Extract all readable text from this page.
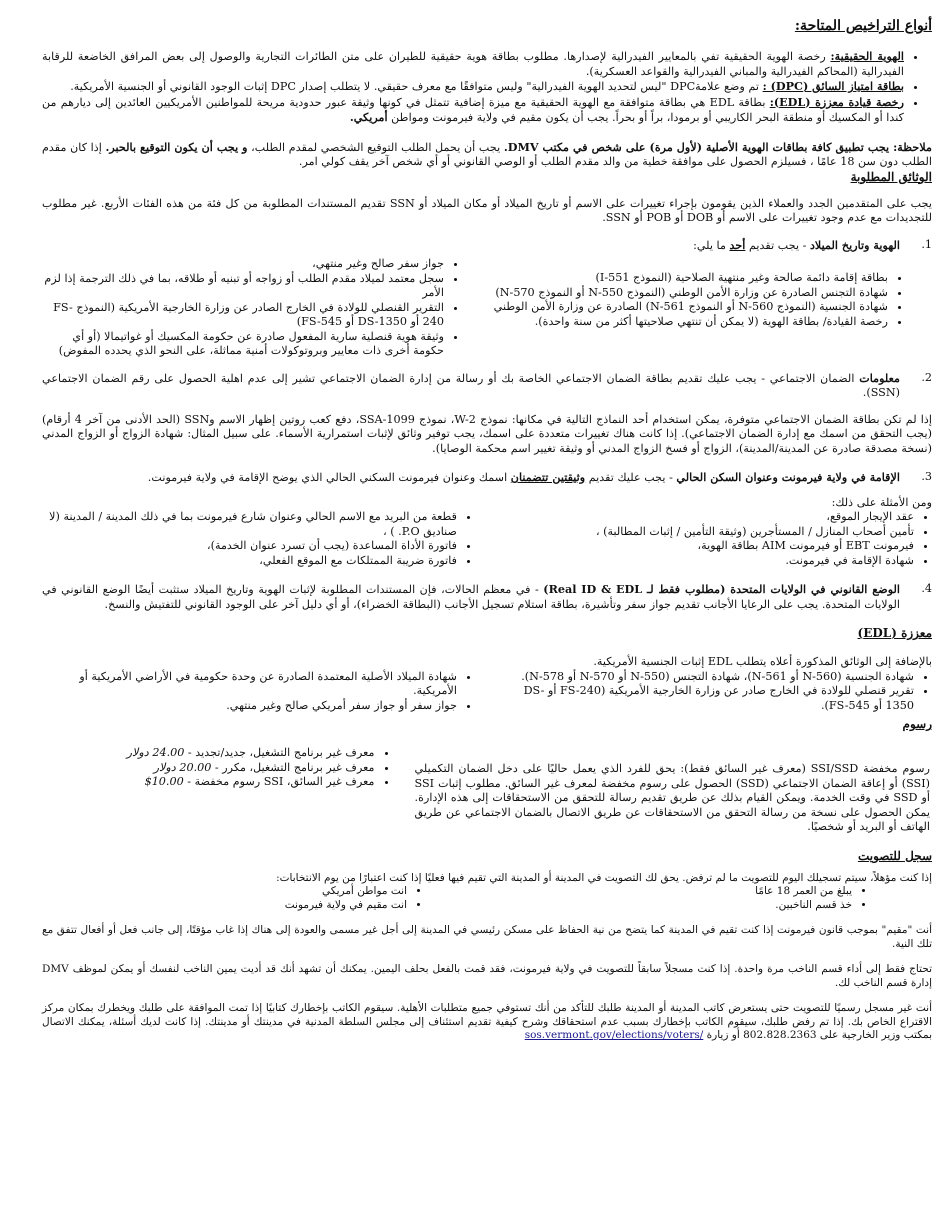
أنواع التراخيص المتاحة:
• الهوية الحقيقية: رخصة الهوية الحقيقية تفي بالمعايير الفيدرالية لإصدارها. مطلوب بطاقة هوية حقيقية للطيران على متن الطائرات التجارية والوصول إلى بعض المرافق الخاضعة للرقابة الفيدرالية (المحاكم الفيدرالية والمباني الفيدرالية والقواعد العسكرية).
• بطاقة امتياز السائق (DPC) : تم وضع علامةDPC "ليس لتحديد الهوية الفيدرالية" وليس متوافقًا مع معرف حقيقي. لا يتطلب إصدار DPC إثبات الوجود القانوني أو الجنسية الأمريكية.
• رخصة قيادة معززة (EDL): بطاقة EDL هي بطاقة متوافقة مع الهوية الحقيقية مع ميزة إضافية تتمثل في كونها وثيقة عبور حدودية مريحة للمواطنين الأمريكيين العائدين إلى ديارهم من كندا أو المكسيك أو منطقة البحر الكاريبي أو برمودا، براً أو بحراً. يجب أن يكون مقيم في ولاية فيرمونت ومواطن أمريكي.

ملاحظة: يجب تطبيق كافة بطاقات الهوية الأصلية (لأول مرة) على شخص في مكتب DMV. يجب أن يحمل الطلب التوقيع الشخصي لمقدم الطلب، و يجب أن يكون التوقيع بالحبر. إذا كان مقدم الطلب دون سن 18 عامًا ، فسيلزم الحصول على موافقة خطية من والد مقدم الطلب أو الوصي القانوني أو أي شخص آخر يقف كولي امر.

الوثائق المطلوبة

يجب على المتقدمين الجدد والعملاء الذين يقومون بإجراء تغييرات على الاسم أو تاريخ الميلاد أو مكان الميلاد أو SSN تقديم المستندات المطلوبة من كل فئة من هذه الفئات الأربع. غير مطلوب للتجديدات مع عدم وجود تغييرات على الاسم أو DOB أو POB أو SSN.

1.
الهوية وتاريخ الميلاد - يجب تقديم أحد ما يلي:
• بطاقة إقامة دائمة صالحة وغير منتهية الصلاحية (النموذج I-551)
• شهادة التجنس الصادرة عن وزارة الأمن الوطني (النموذج N-550 أو النموذج N-570)
• شهادة الجنسية (النموذج N-560 أو النموذج N-561) الصادرة عن وزارة الأمن الوطني
• رخصة القيادة/ بطاقة الهوية (لا يمكن أن تنتهي صلاحيتها أكثر من سنة واحدة).
• جواز سفر صالح وغير منتهي،
• سجل معتمد لميلاد مقدم الطلب أو زواجه أو تبنيه أو طلاقه، بما في ذلك الترجمة إذا لزم الأمر
• التقرير القنصلي للولادة في الخارج الصادر عن وزارة الخارجية الأمريكية (النموذج FS-240 أو DS-1350 أو FS-545)
• وثيقة هوية قنصلية سارية المفعول صادرة عن حكومة المكسيك أو غواتيمالا (أو أي حكومة أخرى ذات معايير وبروتوكولات أمنية مماثلة، على النحو الذي يحدده المفوض)
2.
معلومات الضمان الاجتماعي - يجب عليك تقديم بطاقة الضمان الاجتماعي الخاصة بك أو رسالة من إدارة الضمان الاجتماعي تشير إلى عدم اهلية الحصول على رقم الضمان الاجتماعي (SSN).

إذا لم تكن بطاقة الضمان الاجتماعي متوفرة، يمكن استخدام أحد النماذج التالية في مكانها: نموذج W-2، نموذج SSA-1099، دفع كعب روتين إظهار الاسم وSSN (الحد الأدنى من آخر 4 أرقام) (يجب التحقق من اسمك مع إدارة الضمان الاجتماعي). إذا كانت هناك تغييرات متعددة على اسمك، يجب توفير وثائق لإثبات استمرارية الأسماء. على سبيل المثال: شهادة الزواج أو الزواج المدني (نسخة مصدقة صادرة عن المدينة/المدينة)، الزواج أو فسخ الزواج المدني أو وثيقة تغيير اسم محكمة الوصايا).

3.
الإقامة في ولاية فيرمونت وعنوان السكن الحالي - يجب عليك تقديم وثيقتين تتضمنان اسمك وعنوان فيرمونت السكني الحالي الذي يوضح الإقامة في ولاية فيرمونت.

ومن الأمثلة على ذلك:

• عقد الإيجار الموقع،
• تأمين أصحاب المنازل / المستأجرين (وثيقة التأمين / إثبات المطالبة) ،
• فيرمونت EBT أو فيرمونت AIM بطاقة الهوية،
• شهادة الإقامة في فيرمونت.
• قطعة من البريد مع الاسم الحالي وعنوان شارع فيرمونت بما في ذلك المدينة / المدينة (لا صناديق P.O. ) ،
• فاتورة الأداة المساعدة (يجب أن تسرد عنوان الخدمة)،
• فاتورة ضريبة الممتلكات مع الموقع الفعلي،
4.
الوضع القانوني في الولايات المتحدة (مطلوب فقط لـ Real ID & EDL) - في معظم الحالات، فإن المستندات المطلوبة لإثبات الهوية وتاريخ الميلاد ستثبت أيضًا الوضع القانوني في الولايات المتحدة. يجب على الرعايا الأجانب تقديم جواز سفر وتأشيرة، بطاقة استلام تسجيل الأجانب (البطاقة الخضراء)، أو أي دليل آخر على الوجود القانوني للتفتيش والنسخ.
معززة (EDL)

بالإضافة إلى الوثائق المذكورة أعلاه يتطلب EDL إثبات الجنسية الأمريكية.

• شهادة الجنسية (N-560 أو N-561)، شهادة التجنس (N-550 أو N-570 أو N-578).
• تقرير قنصلي للولادة في الخارج صادر عن وزارة الخارجية الأمريكية (FS-240 أو DS-1350 أو FS-545).
• شهادة الميلاد الأصلية المعتمدة الصادرة عن وحدة حكومية في الأراضي الأمريكية أو الأمريكية.
• جواز سفر أو جواز سفر أمريكي صالح وغير منتهي.
رسوم

رسوم مخفضة SSI/SSD (معرف غير السائق فقط): يحق للفرد الذي يعمل حاليًا على دخل الضمان التكميلي (SSI) أو إعاقة الضمان الاجتماعي (SSD) الحصول على رسوم مخفضة لمعرف غير السائق. مطلوب إثبات SSI أو SSD في وقت الخدمة. ويمكن القيام بذلك عن طريق تقديم رسالة للتحقق من الاستحقاقات إلى هذه الإدارة. يمكن الحصول على نسخة من رسالة التحقق من الاستحقاقات عن طريق الاتصال بالضمان الاجتماعي عن طريق الهاتف أو البريد أو شخصيًا.

• معرف غير برنامج التشغيل، جديد/تجديد - 24.00 دولار
• معرف غير برنامج التشغيل، مكرر - 20.00 دولار
• معرف غير السائق، SSI رسوم مخفضة - 10.00$
سجل للتصويت

إذا كنت مؤهلاً، سيتم تسجيلك اليوم للتصويت ما لم ترفض. يحق لك التصويت في المدينة أو المدينة التي تقيم فيها فعليًا إذا كنت اعتبارًا من يوم الانتخابات:

• يبلغ من العمر 18 عامًا
• خذ قسم الناخبين.
• انت مواطن أمريكي
• انت مقيم في ولاية فيرمونت

أنت "مقيم" بموجب قانون فيرمونت إذا كنت تقيم في المدينة كما يتضح من نية الحفاظ على مسكن رئيسي في المدينة إلى أجل غير مسمى والعودة إلى هناك إذا غاب مؤقتًا، إلى جانب فعل أو أفعال تتفق مع تلك النية.

تحتاج فقط إلى أداء قسم الناخب مرة واحدة. إذا كنت مسجلاً سابقاً للتصويت في ولاية فيرمونت، فقد قمت بالفعل بحلف اليمين. يمكنك أن تشهد أنك قد أديت يمين الناخب لنفسك أو يمكن لموظف DMV إدارة قسم الناخب لك.

أنت غير مسجل رسميًا للتصويت حتى يستعرض كاتب المدينة أو المدينة طلبك للتأكد من أنك تستوفي جميع متطلبات الأهلية. سيقوم الكاتب بإخطارك كتابيًا إذا تمت الموافقة على طلبك ويخطرك بمكان مركز الاقتراع الخاص بك. إذا تم رفض طلبك، سيقوم الكاتب بإخطارك بسبب عدم استحقاقك وشرح كيفية تقديم استئناف إلى مجلس السلطة المدنية في مدينتك أو مدينتك. إذا كانت لديك أسئلة، يمكنك الاتصال بمكتب وزير الخارجية على 802.828.2363 أو زيارة sos.vermont.gov/elections/voters/
